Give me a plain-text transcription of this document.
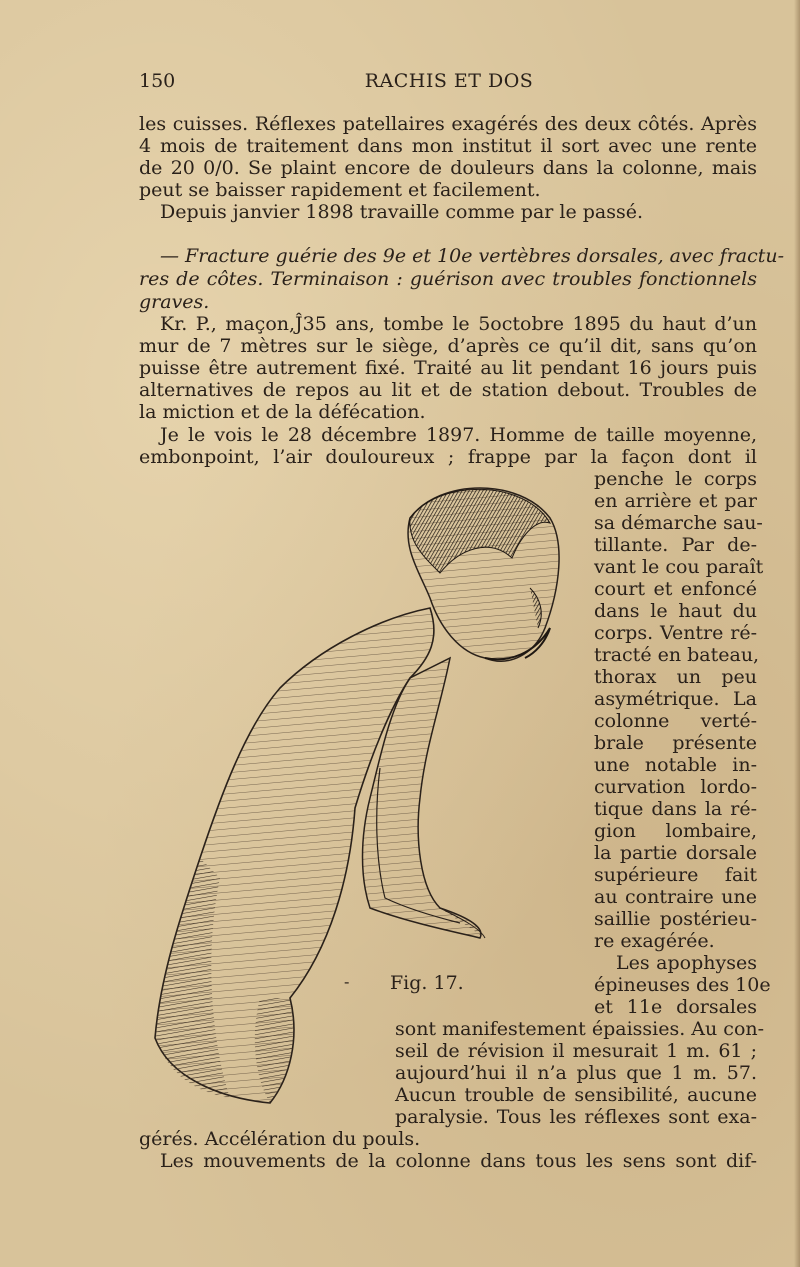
150	RACHIS ET DOS
les cuisses. Réflexes patellaires exagérés des deux côtés. Après
4 mois de traitement dans mon institut il sort avec une rente
de 20 0/0. Se plaint encore de douleurs dans la colonne, mais
peut se baisser rapidement et facilement.
Depuis janvier 1898 travaille comme par le passé.
— Fracture guérie des 9e et 10e vertèbres dorsales, avec fractu-
res de côtes. Terminaison : guérison avec troubles fonctionnels
graves.
Kr. P., maçon,Ĵ35 ans, tombe le 5octobre 1895 du haut d’un
mur de 7 mètres sur le siège, d’après ce qu’il dit, sans qu’on
puisse être autrement fixé. Traité au lit pendant 16 jours puis
alternatives de repos au lit et de station debout. Troubles de
la miction et de la défécation.
Je le vois le 28 décembre 1897. Homme de taille moyenne,
embonpoint, l’air douloureux ; frappe par la façon dont il
penche le corps
en arrière et par
sa démarche sau-
tillante. Par de-
vant le cou paraît
court et enfoncé
dans le haut du
corps. Ventre ré-
tracté en bateau,
thorax un peu
asymétrique. La
colonne verté-
brale présente
une notable in-
curvation lordo-
tique dans la ré-
gion lombaire,
la partie dorsale
supérieure fait
au contraire une
saillie postérieu-
re exagérée.
Les apophyses
épineuses des 10e
et 11e dorsales
sont manifestement épaissies. Au con-
seil de révision il mesurait 1 m. 61 ;
aujourd’hui il n’a plus que 1 m. 57.
Aucun trouble de sensibilité, aucune
paralysie. Tous les réflexes sont exa-
gérés. Accélération du pouls.
Les mouvements de la colonne dans tous les sens sont dif-
- Fig. 17.
